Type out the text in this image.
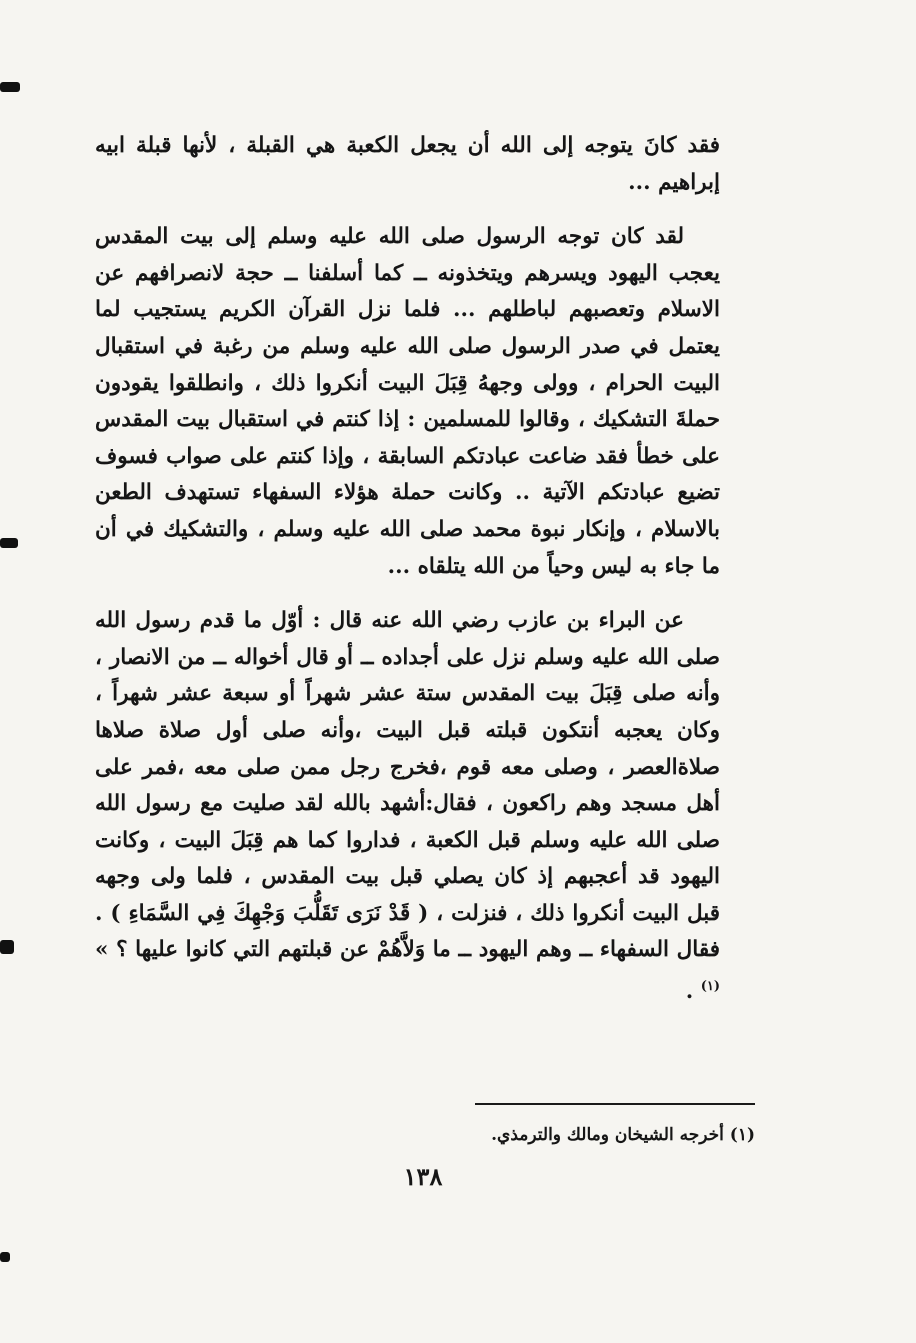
فقد كانَ يتوجه إلى الله أن يجعل الكعبة هي القبلة ، لأنها قبلة ابيه إبراهيم ...

لقد كان توجه الرسول صلى الله عليه وسلم إلى بيت المقدس يعجب اليهود ويسرهم ويتخذونه ــ كما أسلفنا ــ حجة لانصرافهم عن الاسلام وتعصبهم لباطلهم ... فلما نزل القرآن الكريم يستجيب لما يعتمل في صدر الرسول صلى الله عليه وسلم من رغبة في استقبال البيت الحرام ، وولى وجههُ قِبَلَ البيت أنكروا ذلك ، وانطلقوا يقودون حملةَ التشكيك ، وقالوا للمسلمين : إذا كنتم في استقبال بيت المقدس على خطأ فقد ضاعت عبادتكم السابقة ، وإذا كنتم على صواب فسوف تضيع عبادتكم الآتية .. وكانت حملة هؤلاء السفهاء تستهدف الطعن بالاسلام ، وإنكار نبوة محمد صلى الله عليه وسلم ، والتشكيك في أن ما جاء به ليس وحياً من الله يتلقاه ...

عن البراء بن عازب رضي الله عنه قال : أوّل ما قدم رسول الله صلى الله عليه وسلم نزل على أجداده ــ أو قال أخواله ــ من الانصار ، وأنه صلى قِبَلَ بيت المقدس ستة عشر شهراً أو سبعة عشر شهراً ، وكان يعجبه أنتكون قبلته قبل البيت ،وأنه صلى أول صلاة صلاها صلاةالعصر ، وصلى معه قوم ،فخرج رجل ممن صلى معه ،فمر على أهل مسجد وهم راكعون ، فقال:أشهد بالله لقد صليت مع رسول الله صلى الله عليه وسلم قبل الكعبة ، فداروا كما هم قِبَلَ البيت ، وكانت اليهود قد أعجبهم إذ كان يصلي قبل بيت المقدس ، فلما ولى وجهه قبل البيت أنكروا ذلك ، فنزلت ، ( قَدْ نَرَى تَقَلُّبَ وَجْهِكَ فِي السَّمَاءِ ) . فقال السفهاء ــ وهم اليهود ــ ما وَلاَّهُمْ عن قبلتهم التي كانوا عليها ؟ » $^{(١)}$ .

(١) أخرجه الشيخان ومالك والترمذي.
١٣٨
